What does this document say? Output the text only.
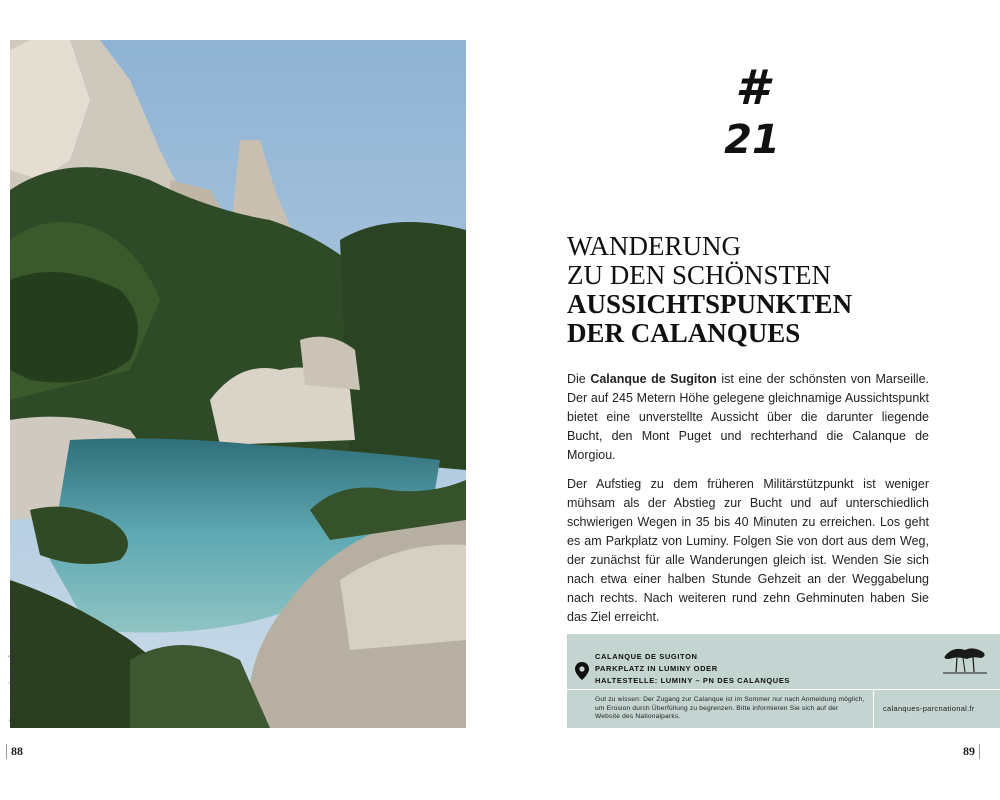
© LE SIXIÈME RÊVE – UNSPLASH
88	89
#
21
WANDERUNG
ZU DEN SCHÖNSTEN
AUSSICHTSPUNKTEN
DER CALANQUES

Die Calanque de Sugiton ist eine der schönsten von Marseille. Der auf 245 Metern Höhe gelegene gleichnamige Aussichtspunkt bietet eine unverstellte Aussicht über die darunter liegende Bucht, den Mont Puget und rechterhand die Calanque de Morgiou.

Der Aufstieg zu dem früheren Militärstützpunkt ist weniger mühsam als der Abstieg zur Bucht und auf unterschiedlich schwierigen Wegen in 35 bis 40 Minuten zu erreichen. Los geht es am Parkplatz von Luminy. Folgen Sie von dort aus dem Weg, der zunächst für alle Wanderungen gleich ist. Wenden Sie sich nach etwa einer halben Stunde Gehzeit an der Weggabelung nach rechts. Nach weiteren rund zehn Gehminuten haben Sie das Ziel erreicht.

CALANQUE DE SUGITON
PARKPLATZ IN LUMINY ODER
HALTESTELLE: LUMINY – PN DES CALANQUES
Gut zu wissen: Der Zugang zur Calanque ist im Sommer nur nach Anmeldung möglich, um Erosion durch Überfüllung zu begrenzen. Bitte informieren Sie sich auf der Website des Nationalparks.
calanques-parcnational.fr
